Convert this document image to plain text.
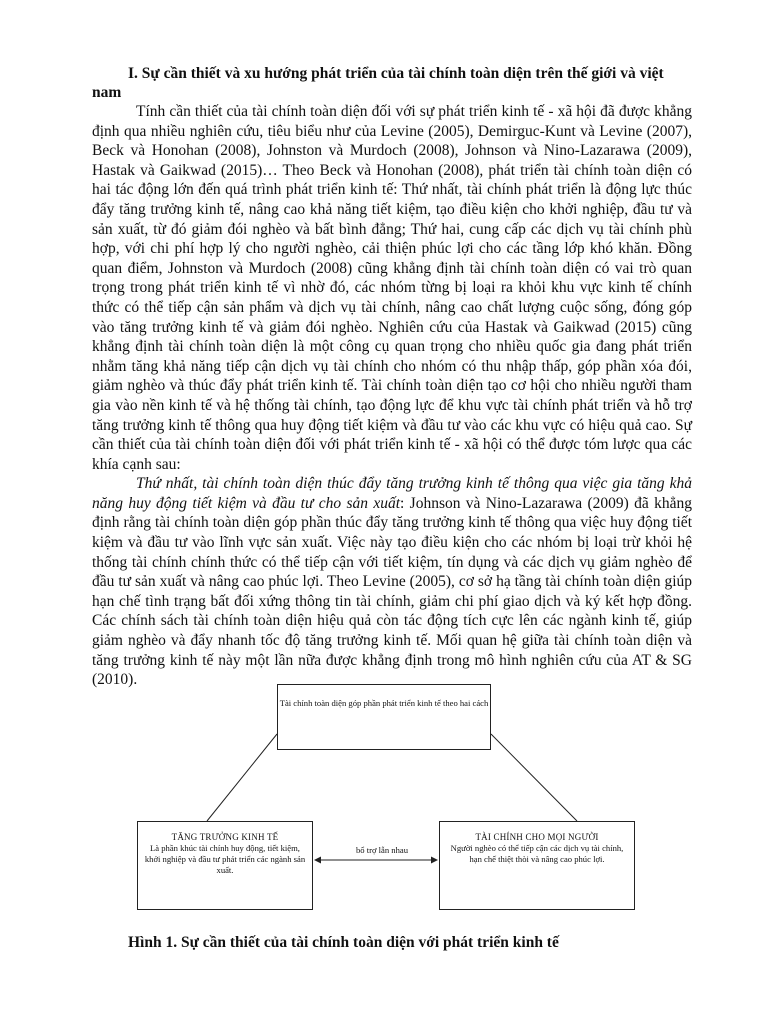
I. Sự cần thiết và xu hướng phát triển của tài chính toàn diện trên thế giới và việt nam

Tính cần thiết của tài chính toàn diện đối với sự phát triển kinh tế - xã hội đã được khẳng định qua nhiều nghiên cứu, tiêu biểu như của Levine (2005), Demirguc-Kunt và Levine (2007), Beck và Honohan (2008), Johnston và Murdoch (2008), Johnson và Nino-Lazarawa (2009), Hastak và Gaikwad (2015)… Theo Beck và Honohan (2008), phát triển tài chính toàn diện có hai tác động lớn đến quá trình phát triển kinh tế: Thứ nhất, tài chính phát triển là động lực thúc đẩy tăng trưởng kinh tế, nâng cao khả năng tiết kiệm, tạo điều kiện cho khởi nghiệp, đầu tư và sản xuất, từ đó giảm đói nghèo và bất bình đẳng; Thứ hai, cung cấp các dịch vụ tài chính phù hợp, với chi phí hợp lý cho người nghèo, cải thiện phúc lợi cho các tầng lớp khó khăn. Đồng quan điểm, Johnston và Murdoch (2008) cũng khẳng định tài chính toàn diện có vai trò quan trọng trong phát triển kinh tế vì nhờ đó, các nhóm từng bị loại ra khỏi khu vực kinh tế chính thức có thể tiếp cận sản phẩm và dịch vụ tài chính, nâng cao chất lượng cuộc sống, đóng góp vào tăng trưởng kinh tế và giảm đói nghèo. Nghiên cứu của Hastak và Gaikwad (2015) cũng khẳng định tài chính toàn diện là một công cụ quan trọng cho nhiều quốc gia đang phát triển nhằm tăng khả năng tiếp cận dịch vụ tài chính cho nhóm có thu nhập thấp, góp phần xóa đói, giảm nghèo và thúc đẩy phát triển kinh tế. Tài chính toàn diện tạo cơ hội cho nhiều người tham gia vào nền kinh tế và hệ thống tài chính, tạo động lực để khu vực tài chính phát triển và hỗ trợ tăng trưởng kinh tế thông qua huy động tiết kiệm và đầu tư vào các khu vực có hiệu quả cao. Sự cần thiết của tài chính toàn diện đối với phát triển kinh tế - xã hội có thể được tóm lược qua các khía cạnh sau:

Thứ nhất, tài chính toàn diện thúc đẩy tăng trưởng kinh tế thông qua việc gia tăng khả năng huy động tiết kiệm và đầu tư cho sản xuất: Johnson và Nino-Lazarawa (2009) đã khẳng định rằng tài chính toàn diện góp phần thúc đẩy tăng trưởng kinh tế thông qua việc huy động tiết kiệm và đầu tư vào lĩnh vực sản xuất. Việc này tạo điều kiện cho các nhóm bị loại trừ khỏi hệ thống tài chính chính thức có thể tiếp cận với tiết kiệm, tín dụng và các dịch vụ giảm nghèo để đầu tư sản xuất và nâng cao phúc lợi. Theo Levine (2005), cơ sở hạ tầng tài chính toàn diện giúp hạn chế tình trạng bất đối xứng thông tin tài chính, giảm chi phí giao dịch và ký kết hợp đồng. Các chính sách tài chính toàn diện hiệu quả còn tác động tích cực lên các ngành kinh tế, giúp giảm nghèo và đẩy nhanh tốc độ tăng trưởng kinh tế. Mối quan hệ giữa tài chính toàn diện và tăng trưởng kinh tế này một lần nữa được khẳng định trong mô hình nghiên cứu của AT & SG (2010).

Tài chính toàn diện góp phần phát triển kinh tế theo hai cách
TĂNG TRƯỞNG KINH TẾ
Là phần khúc tài chính huy động, tiết kiệm, khởi nghiệp và đầu tư phát triển các ngành sản xuất.
TÀI CHÍNH CHO MỌI NGƯỜI
Người nghèo có thể tiếp cận các dịch vụ tài chính, hạn chế thiệt thòi và nâng cao phúc lợi.
bổ trợ lẫn nhau
Hình 1. Sự cần thiết của tài chính toàn diện với phát triển kinh tế
